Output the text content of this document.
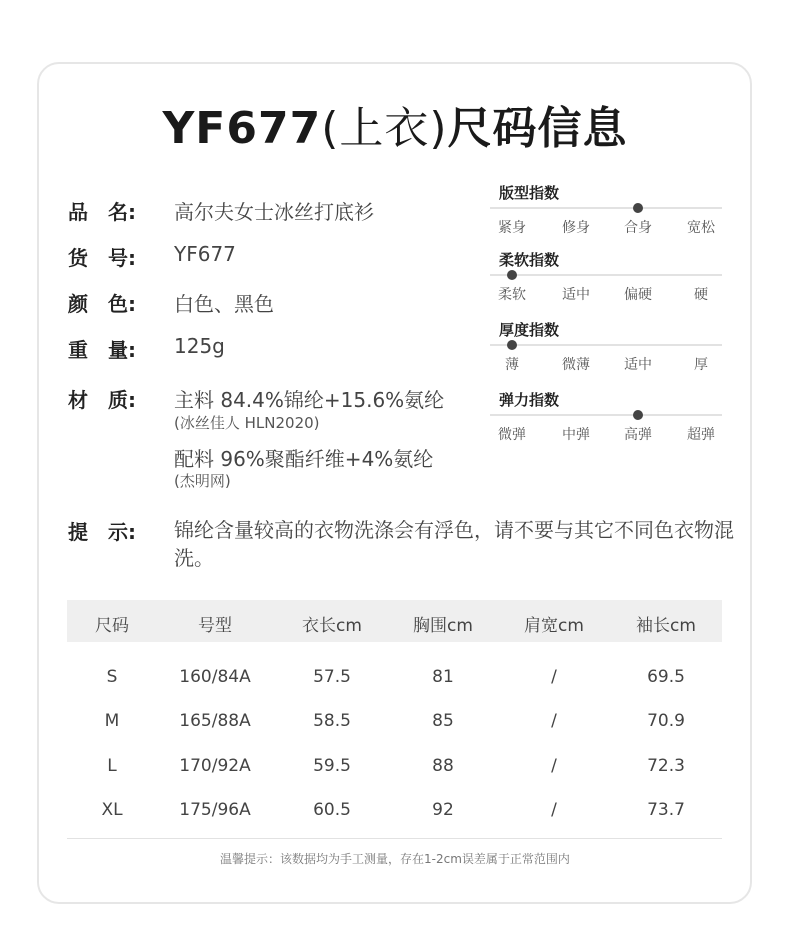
YF677(上衣)尺码信息
品　名:	高尔夫女士冰丝打底衫
货　号:	YF677
颜　色:	白色、黑色
重　量:	125g
材　质:	主料 84.4%锦纶+15.6%氨纶
(冰丝佳人 HLN2020)
配料 96%聚酯纤维+4%氨纶
(杰明网)
版型指数
紧身	修身 合身	宽松
柔软指数
柔软	适中 偏硬	硬
厚度指数
薄	微薄 适中	厚
弹力指数
微弹	中弹 高弹	超弹
提　示: 锦纶含量较高的衣物洗涤会有浮色，请不要与其它不同色衣物混洗。
尺码	号型	衣长cm	胸围cm	肩宽cm	袖长cm
S	160/84A	57.5	81	/	69.5
M	165/88A	58.5	85	/	70.9
L	170/92A	59.5	88	/	72.3
XL	175/96A	60.5	92	/	73.7
温馨提示：该数据均为手工测量，存在1-2cm误差属于正常范围内
